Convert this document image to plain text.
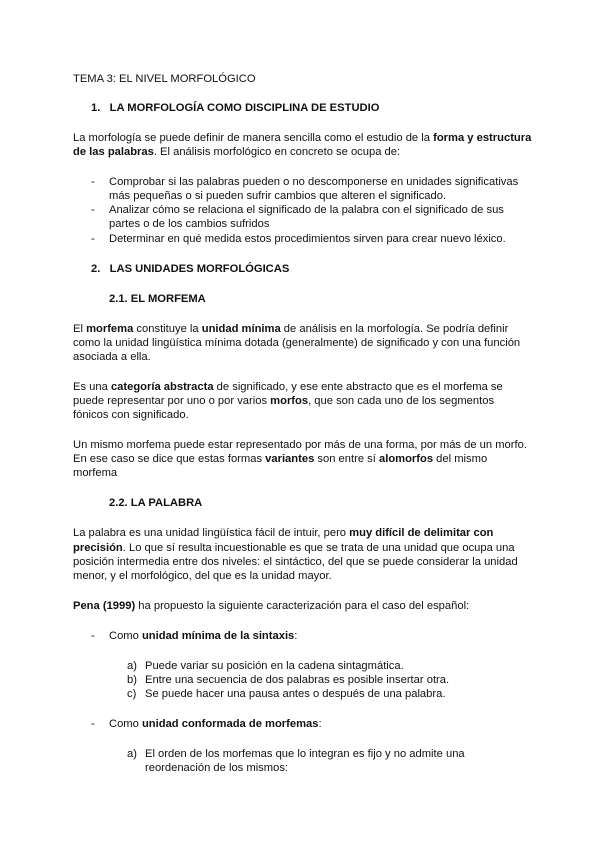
TEMA 3: EL NIVEL MORFOLÓGICO
1. LA MORFOLOGÍA COMO DISCIPLINA DE ESTUDIO
La morfología se puede definir de manera sencilla como el estudio de la forma y estructura
de las palabras. El análisis morfológico en concreto se ocupa de:
- Comprobar si las palabras pueden o no descomponerse en unidades significativas
más pequeñas o si pueden sufrir cambios que alteren el significado.
- Analizar cómo se relaciona el significado de la palabra con el significado de sus
partes o de los cambios sufridos
- Determinar en qué medida estos procedimientos sirven para crear nuevo léxico.
2. LAS UNIDADES MORFOLÓGICAS
2.1. EL MORFEMA
El morfema constituye la unidad mínima de análisis en la morfología. Se podría definir
como la unidad lingüística mínima dotada (generalmente) de significado y con una función
asociada a ella.
Es una categoría abstracta de significado, y ese ente abstracto que es el morfema se
puede representar por uno o por varios morfos, que son cada uno de los segmentos
fónicos con significado.
Un mismo morfema puede estar representado por más de una forma, por más de un morfo.
En ese caso se dice que estas formas variantes son entre sí alomorfos del mismo
morfema
2.2. LA PALABRA
La palabra es una unidad lingüística fácil de intuir, pero muy difícil de delimitar con
precisión. Lo que sí resulta incuestionable es que se trata de una unidad que ocupa una
posición intermedia entre dos niveles: el sintáctico, del que se puede considerar la unidad
menor, y el morfológico, del que es la unidad mayor.
Pena (1999) ha propuesto la siguiente caracterización para el caso del español:
- Como unidad mínima de la sintaxis:
a) Puede variar su posición en la cadena sintagmática.
b) Entre una secuencia de dos palabras es posible insertar otra.
c) Se puede hacer una pausa antes o después de una palabra.
- Como unidad conformada de morfemas:
a) El orden de los morfemas que lo integran es fijo y no admite una
reordenación de los mismos:
